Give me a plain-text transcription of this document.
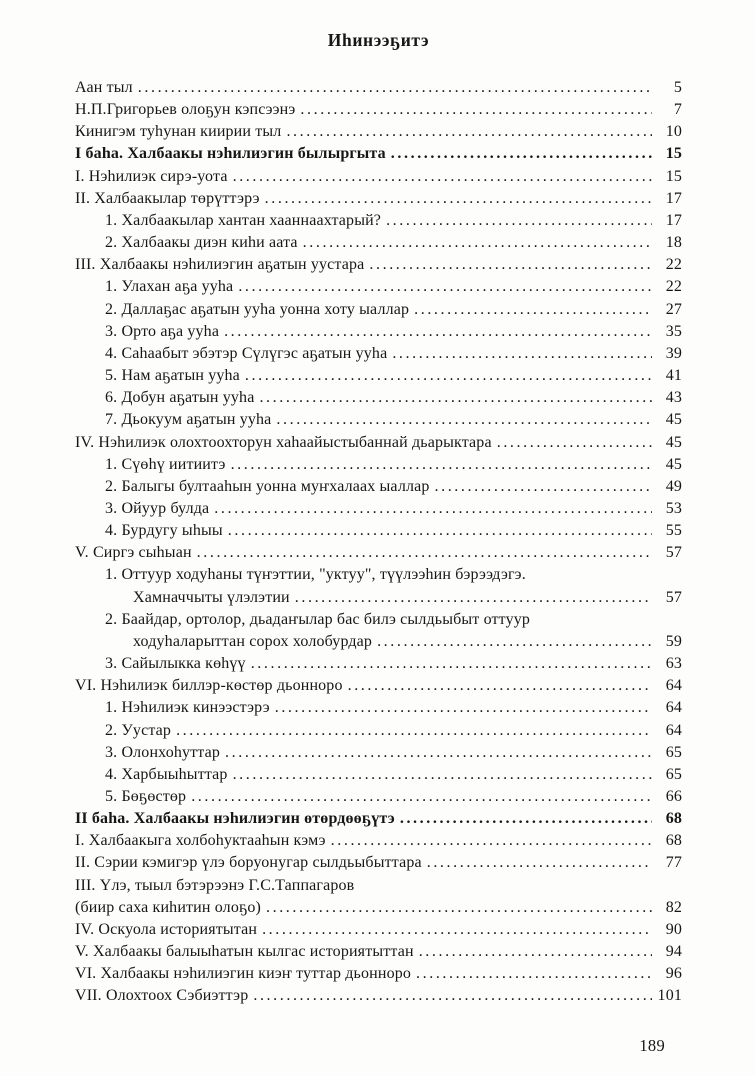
Иһинээҕитэ
Аан тыл .....	5
Н.П.Григорьев олоҕун кэпсээнэ .....	7
Кинигэм туһунан киирии тыл .....	10
I баһа. Халбаакы нэһилиэгин былыргыта .....	15
I. Нэһилиэк сирэ-уота .....	15
II. Халбаакылар төрүттэрэ .....	17
1. Халбаакылар хантан хааннаахтарый? .....	17
2. Халбаакы диэн киһи аата .....	18
III. Халбаакы нэһилиэгин аҕатын уустара .....	22
1. Улахан аҕа ууһа .....	22
2. Даллаҕас аҕатын ууһа уонна хоту ыаллар .....	27
3. Орто аҕа ууһа .....	35
4. Саһаабыт эбэтэр Сүлүгэс аҕатын ууһа .....	39
5. Нам аҕатын ууһа .....	41
6. Добун аҕатын ууһа .....	43
7. Дьокуум аҕатын ууһа .....	45
IV. Нэһилиэк олохтоохторун хаһаайыстыбаннай дьарыктара .....	45
1. Сүөһү иитиитэ .....	45
2. Балыгы бултааһын уонна муҥхалаах ыаллар .....	49
3. Ойуур булда .....	53
4. Бурдугу ыһыы .....	55
V. Сиргэ сыһыан .....	57
1. Оттуур ходуһаны түҥэттии, "уктуу", түүлээһин бэрээдэгэ.
Хамначчыты үлэлэтии .....	57
2. Баайдар, ортолор, дьадаҥылар бас билэ сылдьыбыт оттуур
ходуһаларыттан сорох холобурдар .....	59
3. Сайылыкка көһүү .....	63
VI. Нэһилиэк биллэр-көстөр дьонноро .....	64
1. Нэһилиэк кинээстэрэ .....	64
2. Уустар .....	64
3. Олонхоһуттар .....	65
4. Харбыыһыттар .....	65
5. Бөҕөстөр .....	66
II баһа. Халбаакы нэһилиэгин өтөрдөөҕүтэ .....	68
I. Халбаакыга холбоһуктааһын кэмэ .....	68
II. Сэрии кэмигэр үлэ боруонугар сылдьыбыттара .....	77
III. Үлэ, тыыл бэтэрээнэ Г.С.Таппагаров
(биир саха киһитин олоҕо) .....	82
IV. Оскуола историятытан .....	90
V. Халбаакы балыыһатын кылгас историятыттан .....	94
VI. Халбаакы нэһилиэгин киэҥ туттар дьонноро .....	96
VII. Олохтоох Сэбиэттэр .....	101
189
